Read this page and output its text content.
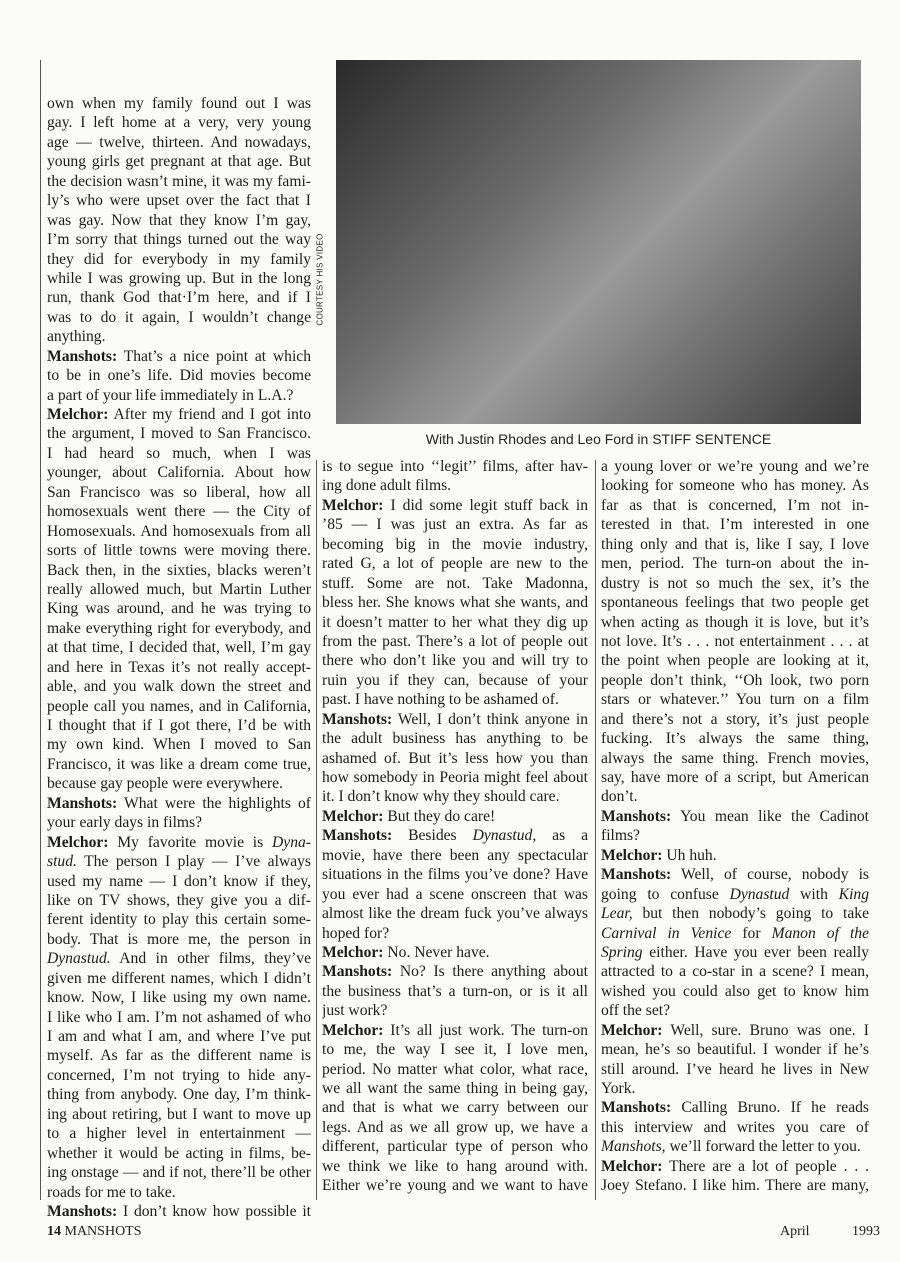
COURTESY HIS VIDEO
With Justin Rhodes and Leo Ford in STIFF SENTENCE
own when my family found out I was
gay. I left home at a very, very young
age — twelve, thirteen. And nowadays,
young girls get pregnant at that age. But
the decision wasn’t mine, it was my fami-
ly’s who were upset over the fact that I
was gay. Now that they know I’m gay,
I’m sorry that things turned out the way
they did for everybody in my family
while I was growing up. But in the long
run, thank God that·I’m here, and if I
was to do it again, I wouldn’t change
anything.
Manshots: That’s a nice point at which
to be in one’s life. Did movies become
a part of your life immediately in L.A.?
Melchor: After my friend and I got into
the argument, I moved to San Francisco.
I had heard so much, when I was
younger, about California. About how
San Francisco was so liberal, how all
homosexuals went there — the City of
Homosexuals. And homosexuals from all
sorts of little towns were moving there.
Back then, in the sixties, blacks weren’t
really allowed much, but Martin Luther
King was around, and he was trying to
make everything right for everybody, and
at that time, I decided that, well, I’m gay
and here in Texas it’s not really accept-
able, and you walk down the street and
people call you names, and in California,
I thought that if I got there, I’d be with
my own kind. When I moved to San
Francisco, it was like a dream come true,
because gay people were everywhere.
Manshots: What were the highlights of
your early days in films?
Melchor: My favorite movie is Dyna-
stud. The person I play — I’ve always
used my name — I don’t know if they,
like on TV shows, they give you a dif-
ferent identity to play this certain some-
body. That is more me, the person in
Dynastud. And in other films, they’ve
given me different names, which I didn’t
know. Now, I like using my own name.
I like who I am. I’m not ashamed of who
I am and what I am, and where I’ve put
myself. As far as the different name is
concerned, I’m not trying to hide any-
thing from anybody. One day, I’m think-
ing about retiring, but I want to move up
to a higher level in entertainment —
whether it would be acting in films, be-
ing onstage — and if not, there’ll be other
roads for me to take.
Manshots: I don’t know how possible it
is to segue into ‘‘legit’’ films, after hav-
ing done adult films.
Melchor: I did some legit stuff back in
’85 — I was just an extra. As far as
becoming big in the movie industry,
rated G, a lot of people are new to the
stuff. Some are not. Take Madonna,
bless her. She knows what she wants, and
it doesn’t matter to her what they dig up
from the past. There’s a lot of people out
there who don’t like you and will try to
ruin you if they can, because of your
past. I have nothing to be ashamed of.
Manshots: Well, I don’t think anyone in
the adult business has anything to be
ashamed of. But it’s less how you than
how somebody in Peoria might feel about
it. I don’t know why they should care.
Melchor: But they do care!
Manshots: Besides Dynastud, as a
movie, have there been any spectacular
situations in the films you’ve done? Have
you ever had a scene onscreen that was
almost like the dream fuck you’ve always
hoped for?
Melchor: No. Never have.
Manshots: No? Is there anything about
the business that’s a turn-on, or is it all
just work?
Melchor: It’s all just work. The turn-on
to me, the way I see it, I love men,
period. No matter what color, what race,
we all want the same thing in being gay,
and that is what we carry between our
legs. And as we all grow up, we have a
different, particular type of person who
we think we like to hang around with.
Either we’re young and we want to have
a young lover or we’re young and we’re
looking for someone who has money. As
far as that is concerned, I’m not in-
terested in that. I’m interested in one
thing only and that is, like I say, I love
men, period. The turn-on about the in-
dustry is not so much the sex, it’s the
spontaneous feelings that two people get
when acting as though it is love, but it’s
not love. It’s . . . not entertainment . . . at
the point when people are looking at it,
people don’t think, ‘‘Oh look, two porn
stars or whatever.’’ You turn on a film
and there’s not a story, it’s just people
fucking. It’s always the same thing,
always the same thing. French movies,
say, have more of a script, but American
don’t.
Manshots: You mean like the Cadinot
films?
Melchor: Uh huh.
Manshots: Well, of course, nobody is
going to confuse Dynastud with King
Lear, but then nobody’s going to take
Carnival in Venice for Manon of the
Spring either. Have you ever been really
attracted to a co-star in a scene? I mean,
wished you could also get to know him
off the set?
Melchor: Well, sure. Bruno was one. I
mean, he’s so beautiful. I wonder if he’s
still around. I’ve heard he lives in New
York.
Manshots: Calling Bruno. If he reads
this interview and writes you care of
Manshots, we’ll forward the letter to you.
Melchor: There are a lot of people . . .
Joey Stefano. I like him. There are many,
14 MANSHOTS	April	1993
